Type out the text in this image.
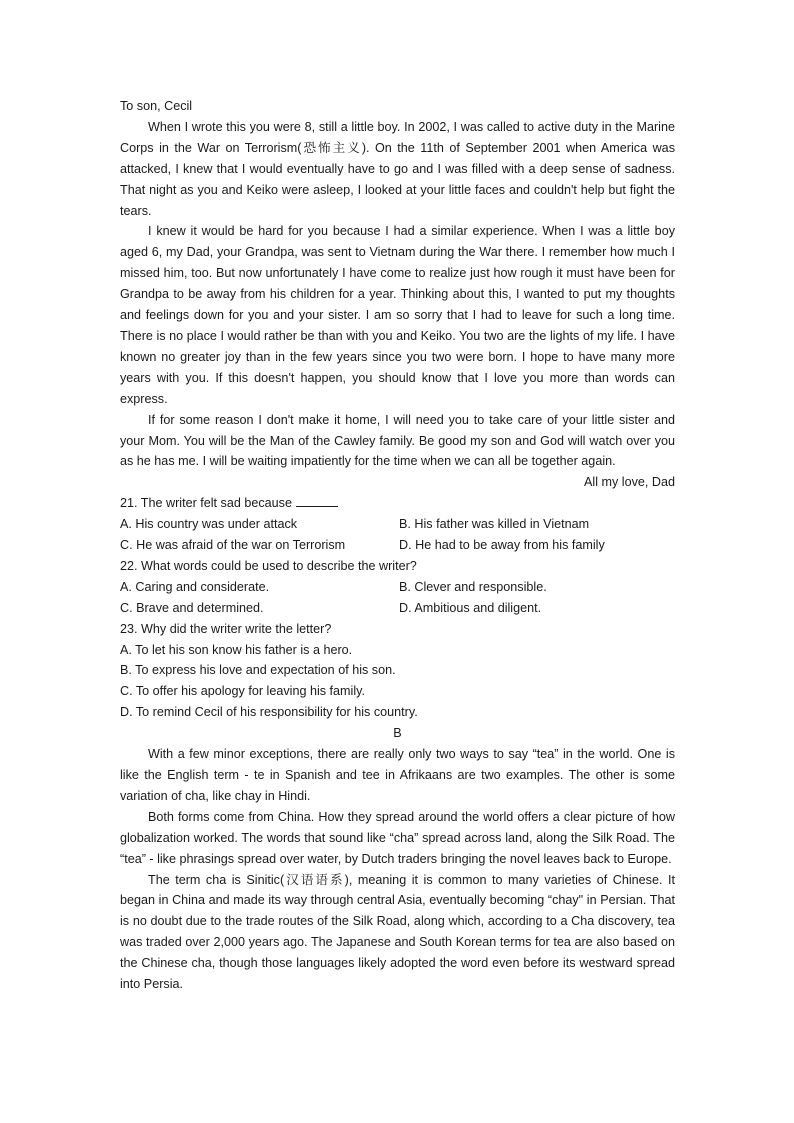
To son, Cecil

When I wrote this you were 8, still a little boy. In 2002, I was called to active duty in the Marine Corps in the War on Terrorism(恐怖主义). On the 11th of September 2001 when America was attacked, I knew that I would eventually have to go and I was filled with a deep sense of sadness. That night as you and Keiko were asleep, I looked at your little faces and couldn't help but fight the tears.

I knew it would be hard for you because I had a similar experience. When I was a little boy aged 6, my Dad, your Grandpa, was sent to Vietnam during the War there. I remember how much I missed him, too. But now unfortunately I have come to realize just how rough it must have been for Grandpa to be away from his children for a year. Thinking about this, I wanted to put my thoughts and feelings down for you and your sister. I am so sorry that I had to leave for such a long time. There is no place I would rather be than with you and Keiko. You two are the lights of my life. I have known no greater joy than in the few years since you two were born. I hope to have many more years with you. If this doesn't happen, you should know that I love you more than words can express.

If for some reason I don't make it home, I will need you to take care of your little sister and your Mom. You will be the Man of the Cawley family. Be good my son and God will watch over you as he has me. I will be waiting impatiently for the time when we can all be together again.

All my love, Dad
21. The writer felt sad because
A. His country was under attack	B. His father was killed in Vietnam
C. He was afraid of the war on Terrorism	D. He had to be away from his family
22. What words could be used to describe the writer?
A. Caring and considerate.	B. Clever and responsible.
C. Brave and determined.	D. Ambitious and diligent.
23. Why did the writer write the letter?
A. To let his son know his father is a hero.
B. To express his love and expectation of his son.
C. To offer his apology for leaving his family.
D. To remind Cecil of his responsibility for his country.
B

With a few minor exceptions, there are really only two ways to say “tea” in the world. One is like the English term - te in Spanish and tee in Afrikaans are two examples. The other is some variation of cha, like chay in Hindi.

Both forms come from China. How they spread around the world offers a clear picture of how globalization worked. The words that sound like “cha” spread across land, along the Silk Road. The “tea” - like phrasings spread over water, by Dutch traders bringing the novel leaves back to Europe.

The term cha is Sinitic(汉语语系), meaning it is common to many varieties of Chinese. It began in China and made its way through central Asia, eventually becoming “chay" in Persian. That is no doubt due to the trade routes of the Silk Road, along which, according to a Cha discovery, tea was traded over 2,000 years ago. The Japanese and South Korean terms for tea are also based on the Chinese cha, though those languages likely adopted the word even before its westward spread into Persia.
